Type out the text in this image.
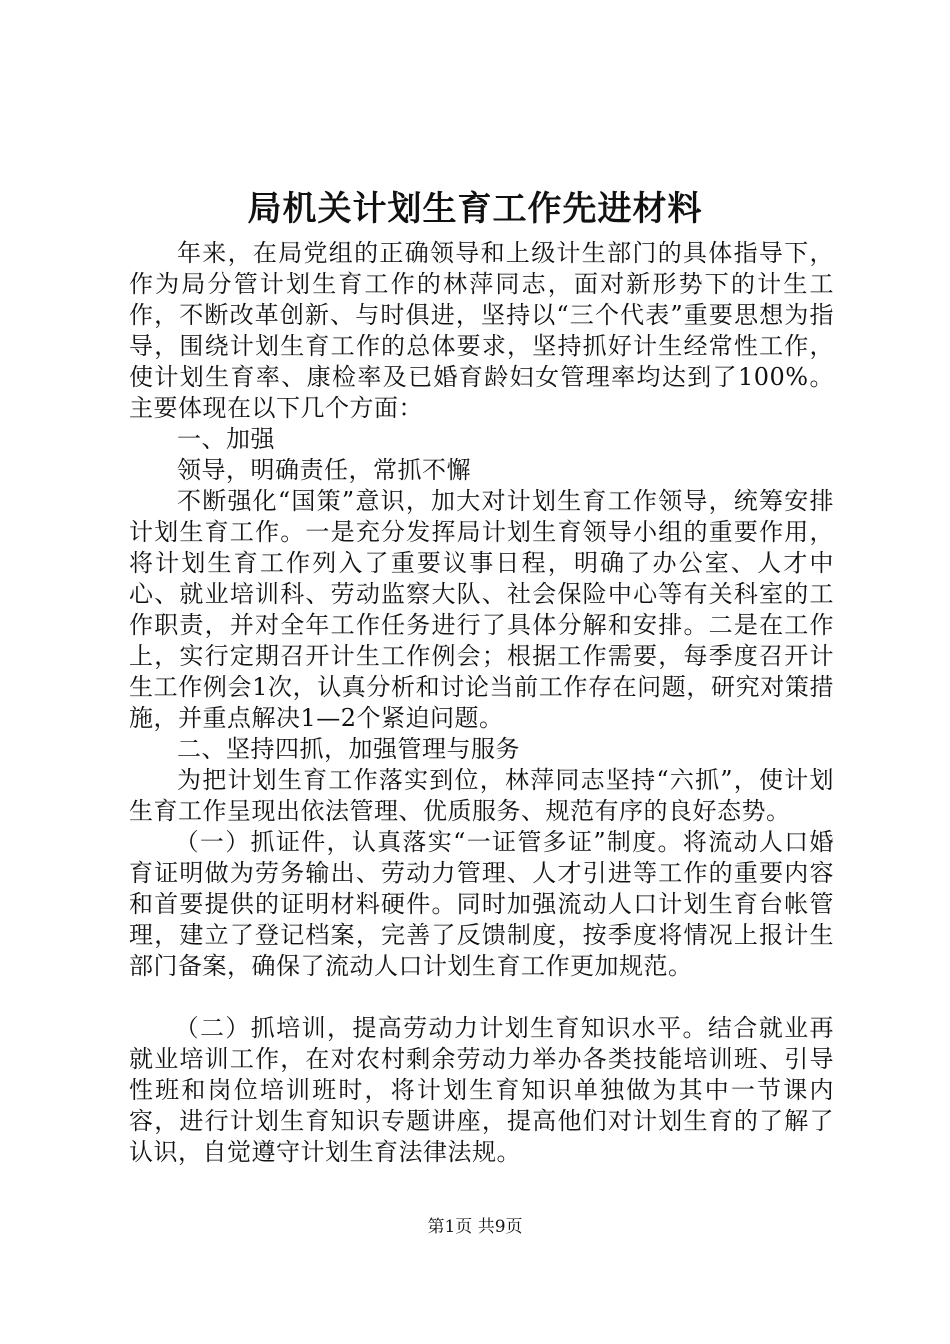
局机关计划生育工作先进材料

年来，在局党组的正确领导和上级计生部门的具体指导下，作为局分管计划生育工作的林萍同志，面对新形势下的计生工作，不断改革创新、与时俱进，坚持以“三个代表”重要思想为指导，围绕计划生育工作的总体要求，坚持抓好计生经常性工作，使计划生育率、康检率及已婚育龄妇女管理率均达到了100%。主要体现在以下几个方面：

一、加强

领导，明确责任，常抓不懈

不断强化“国策”意识，加大对计划生育工作领导，统筹安排计划生育工作。一是充分发挥局计划生育领导小组的重要作用，将计划生育工作列入了重要议事日程，明确了办公室、人才中心、就业培训科、劳动监察大队、社会保险中心等有关科室的工作职责，并对全年工作任务进行了具体分解和安排。二是在工作上，实行定期召开计生工作例会；根据工作需要，每季度召开计生工作例会1次，认真分析和讨论当前工作存在问题，研究对策措施，并重点解决1—2个紧迫问题。

二、坚持四抓，加强管理与服务

为把计划生育工作落实到位，林萍同志坚持“六抓”，使计划生育工作呈现出依法管理、优质服务、规范有序的良好态势。

（一）抓证件，认真落实“一证管多证”制度。将流动人口婚育证明做为劳务输出、劳动力管理、人才引进等工作的重要内容和首要提供的证明材料硬件。同时加强流动人口计划生育台帐管理，建立了登记档案，完善了反馈制度，按季度将情况上报计生部门备案，确保了流动人口计划生育工作更加规范。

（二）抓培训，提高劳动力计划生育知识水平。结合就业再就业培训工作，在对农村剩余劳动力举办各类技能培训班、引导性班和岗位培训班时，将计划生育知识单独做为其中一节课内容，进行计划生育知识专题讲座，提高他们对计划生育的了解了认识，自觉遵守计划生育法律法规。

第1页 共9页
